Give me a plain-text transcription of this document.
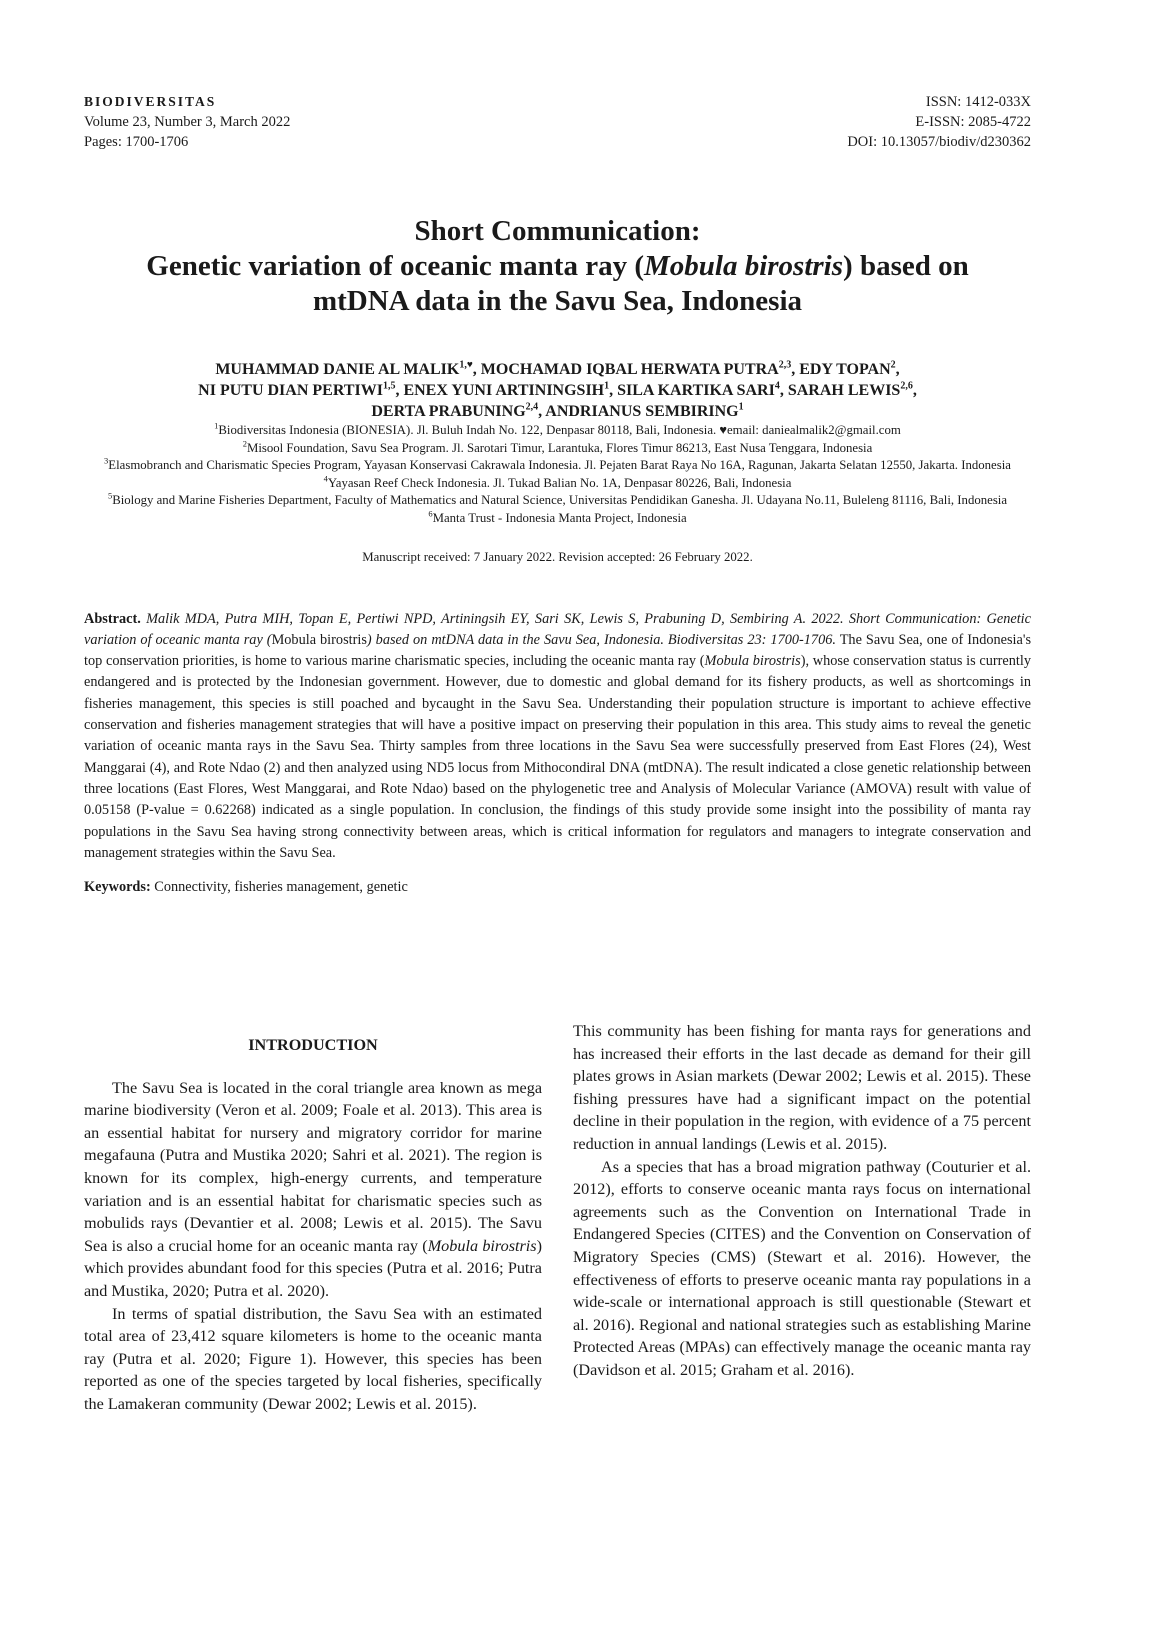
BIODIVERSITAS
Volume 23, Number 3, March 2022
Pages: 1700-1706
ISSN: 1412-033X
E-ISSN: 2085-4722
DOI: 10.13057/biodiv/d230362
Short Communication:
Genetic variation of oceanic manta ray (Mobula birostris) based on
mtDNA data in the Savu Sea, Indonesia
MUHAMMAD DANIE AL $MALIK^{1,♥}$, MOCHAMAD IQBAL HERWATA PUTRA$^{2,3}$, EDY TOPAN$^2$,
NI PUTU DIAN PERTIWI$^{1,5}$, ENEX YUNI ARTININGSIH$^1$, SILA KARTIKA SARI$^4$, SARAH LEWIS$^{2,6}$,
DERTA PRABUNING$^{2,4}$, ANDRIANUS SEMBIRING$^1$
$^1$Biodiversitas Indonesia (BIONESIA). Jl. Buluh Indah No. 122, Denpasar 80118, Bali, Indonesia. ♥email: daniealmalik2@gmail.com
$^2$Misool Foundation, Savu Sea Program. Jl. Sarotari Timur, Larantuka, Flores Timur 86213, East Nusa Tenggara, Indonesia
$^3$Elasmobranch and Charismatic Species Program, Yayasan Konservasi Cakrawala Indonesia. Jl. Pejaten Barat Raya No 16A, Ragunan, Jakarta Selatan 12550, Jakarta. Indonesia
$^4$Yayasan Reef Check Indonesia. Jl. Tukad Balian No. 1A, Denpasar 80226, Bali, Indonesia
$^5$Biology and Marine Fisheries Department, Faculty of Mathematics and Natural Science, Universitas Pendidikan Ganesha. Jl. Udayana No.11, Buleleng 81116, Bali, Indonesia
$^6$Manta Trust - Indonesia Manta Project, Indonesia
Manuscript received: 7 January 2022. Revision accepted: 26 February 2022.
Abstract. Malik MDA, Putra MIH, Topan E, Pertiwi NPD, Artiningsih EY, Sari SK, Lewis S, Prabuning D, Sembiring A. 2022. Short Communication: Genetic variation of oceanic manta ray (Mobula birostris) based on mtDNA data in the Savu Sea, Indonesia. Biodiversitas 23: 1700-1706. The Savu Sea, one of Indonesia's top conservation priorities, is home to various marine charismatic species, including the oceanic manta ray (Mobula birostris), whose conservation status is currently endangered and is protected by the Indonesian government. However, due to domestic and global demand for its fishery products, as well as shortcomings in fisheries management, this species is still poached and bycaught in the Savu Sea. Understanding their population structure is important to achieve effective conservation and fisheries management strategies that will have a positive impact on preserving their population in this area. This study aims to reveal the genetic variation of oceanic manta rays in the Savu Sea. Thirty samples from three locations in the Savu Sea were successfully preserved from East Flores (24), West Manggarai (4), and Rote Ndao (2) and then analyzed using ND5 locus from Mithocondiral DNA (mtDNA). The result indicated a close genetic relationship between three locations (East Flores, West Manggarai, and Rote Ndao) based on the phylogenetic tree and Analysis of Molecular Variance (AMOVA) result with value of 0.05158 (P-value = 0.62268) indicated as a single population. In conclusion, the findings of this study provide some insight into the possibility of manta ray populations in the Savu Sea having strong connectivity between areas, which is critical information for regulators and managers to integrate conservation and management strategies within the Savu Sea.
Keywords: Connectivity, fisheries management, genetic
INTRODUCTION

The Savu Sea is located in the coral triangle area known as mega marine biodiversity (Veron et al. 2009; Foale et al. 2013). This area is an essential habitat for nursery and migratory corridor for marine megafauna (Putra and Mustika 2020; Sahri et al. 2021). The region is known for its complex, high-energy currents, and temperature variation and is an essential habitat for charismatic species such as mobulids rays (Devantier et al. 2008; Lewis et al. 2015). The Savu Sea is also a crucial home for an oceanic manta ray (Mobula birostris) which provides abundant food for this species (Putra et al. 2016; Putra and Mustika, 2020; Putra et al. 2020).

In terms of spatial distribution, the Savu Sea with an estimated total area of 23,412 square kilometers is home to the oceanic manta ray (Putra et al. 2020; Figure 1). However, this species has been reported as one of the species targeted by local fisheries, specifically the Lamakeran community (Dewar 2002; Lewis et al. 2015).

This community has been fishing for manta rays for generations and has increased their efforts in the last decade as demand for their gill plates grows in Asian markets (Dewar 2002; Lewis et al. 2015). These fishing pressures have had a significant impact on the potential decline in their population in the region, with evidence of a 75 percent reduction in annual landings (Lewis et al. 2015).

As a species that has a broad migration pathway (Couturier et al. 2012), efforts to conserve oceanic manta rays focus on international agreements such as the Convention on International Trade in Endangered Species (CITES) and the Convention on Conservation of Migratory Species (CMS) (Stewart et al. 2016). However, the effectiveness of efforts to preserve oceanic manta ray populations in a wide-scale or international approach is still questionable (Stewart et al. 2016). Regional and national strategies such as establishing Marine Protected Areas (MPAs) can effectively manage the oceanic manta ray (Davidson et al. 2015; Graham et al. 2016).
